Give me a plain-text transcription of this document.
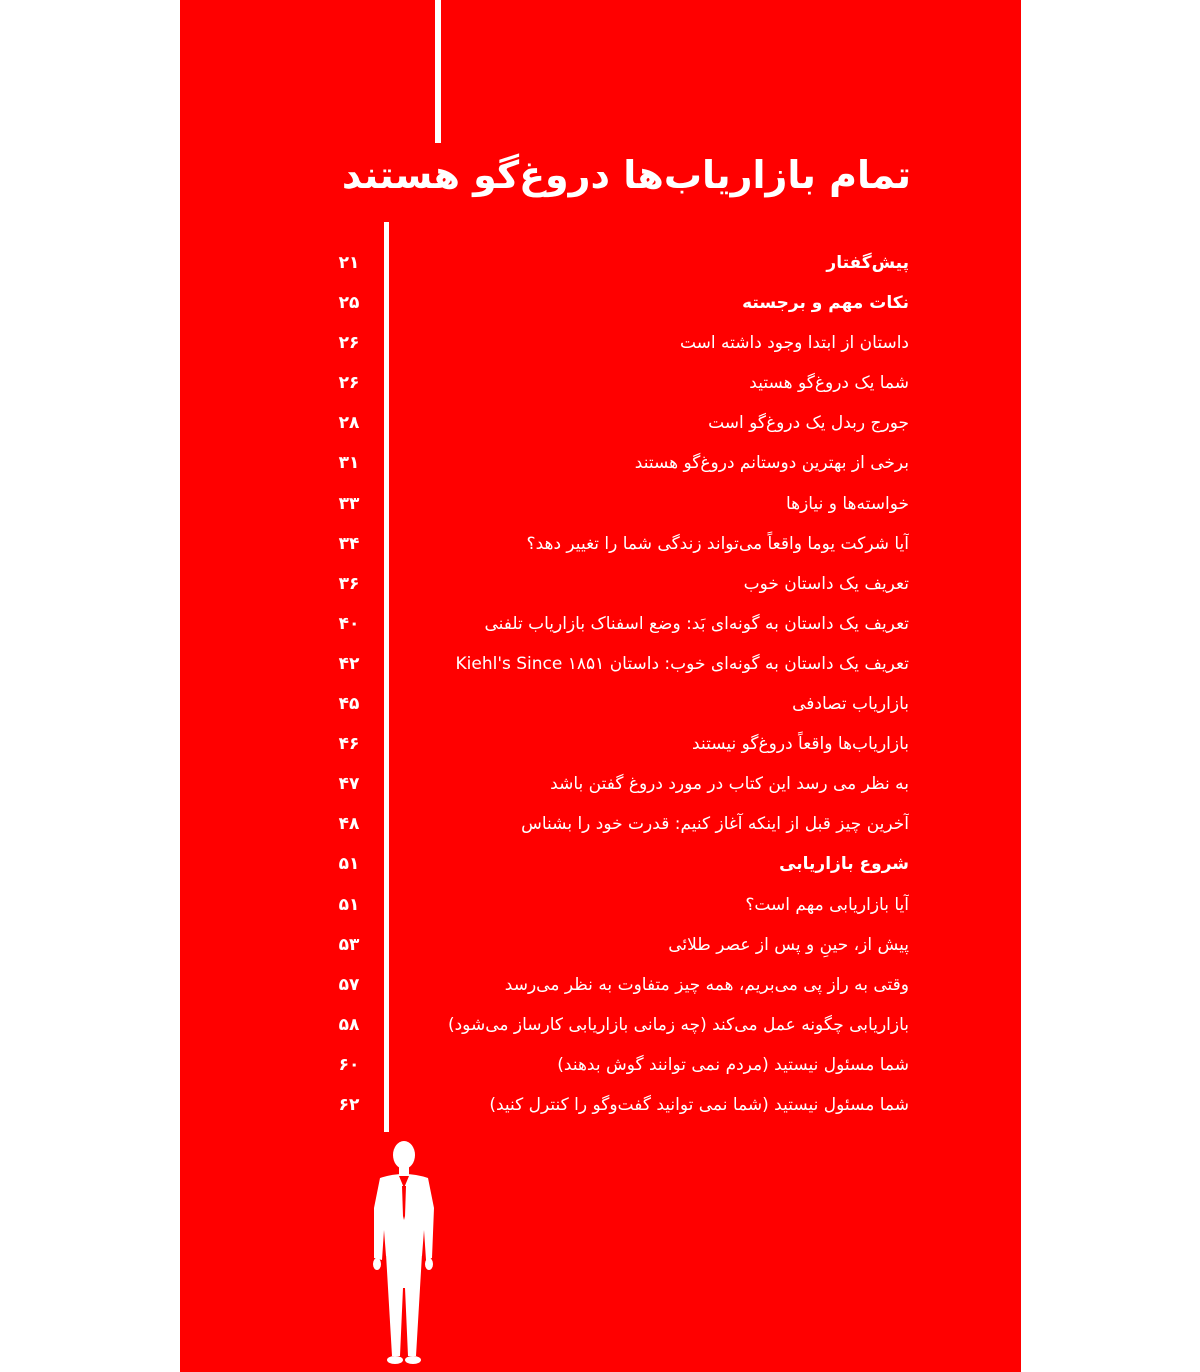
تمام بازاریاب‌ها دروغ‌گو هستند
پیش‌گفتار
۲۱
نکات مهم و برجسته
۲۵
داستان از ابتدا وجود داشته است
۲۶
شما یک دروغ‌گو هستید
۲۶
جورج ربدل یک دروغ‌گو است
۲۸
برخی از بهترین دوستانم دروغ‌گو هستند
۳۱
خواسته‌ها و نیازها
۳۳
آیا شرکت یوما واقعاً می‌تواند زندگی شما را تغییر دهد؟
۳۴
تعریف یک داستان خوب
۳۶
تعریف یک داستان به گونه‌ای بَد: وضع اسفناک بازاریاب تلفنی
۴۰
تعریف یک داستان به گونه‌ای خوب: داستان Kiehl's Since ۱۸۵۱
۴۲
بازاریاب تصادفی
۴۵
بازاریاب‌ها واقعاً دروغ‌گو نیستند
۴۶
به نظر می رسد این کتاب در مورد دروغ گفتن باشد
۴۷
آخرین چیز قبل از اینکه آغاز کنیم: قدرت خود را بشناس
۴۸
شروع بازاریابی
۵۱
آیا بازاریابی مهم است؟
۵۱
پیش از، حینِ و پس از عصر طلائی
۵۳
وقتی به راز پی می‌بریم، همه چیز متفاوت به نظر می‌رسد
۵۷
بازاریابی چگونه عمل می‌کند (چه زمانی بازاریابی کارساز می‌شود)
۵۸
شما مسئول نیستید (مردم نمی توانند گوش بدهند)
۶۰
شما مسئول نیستید (شما نمی توانید گفت‌وگو را کنترل کنید)
۶۲
